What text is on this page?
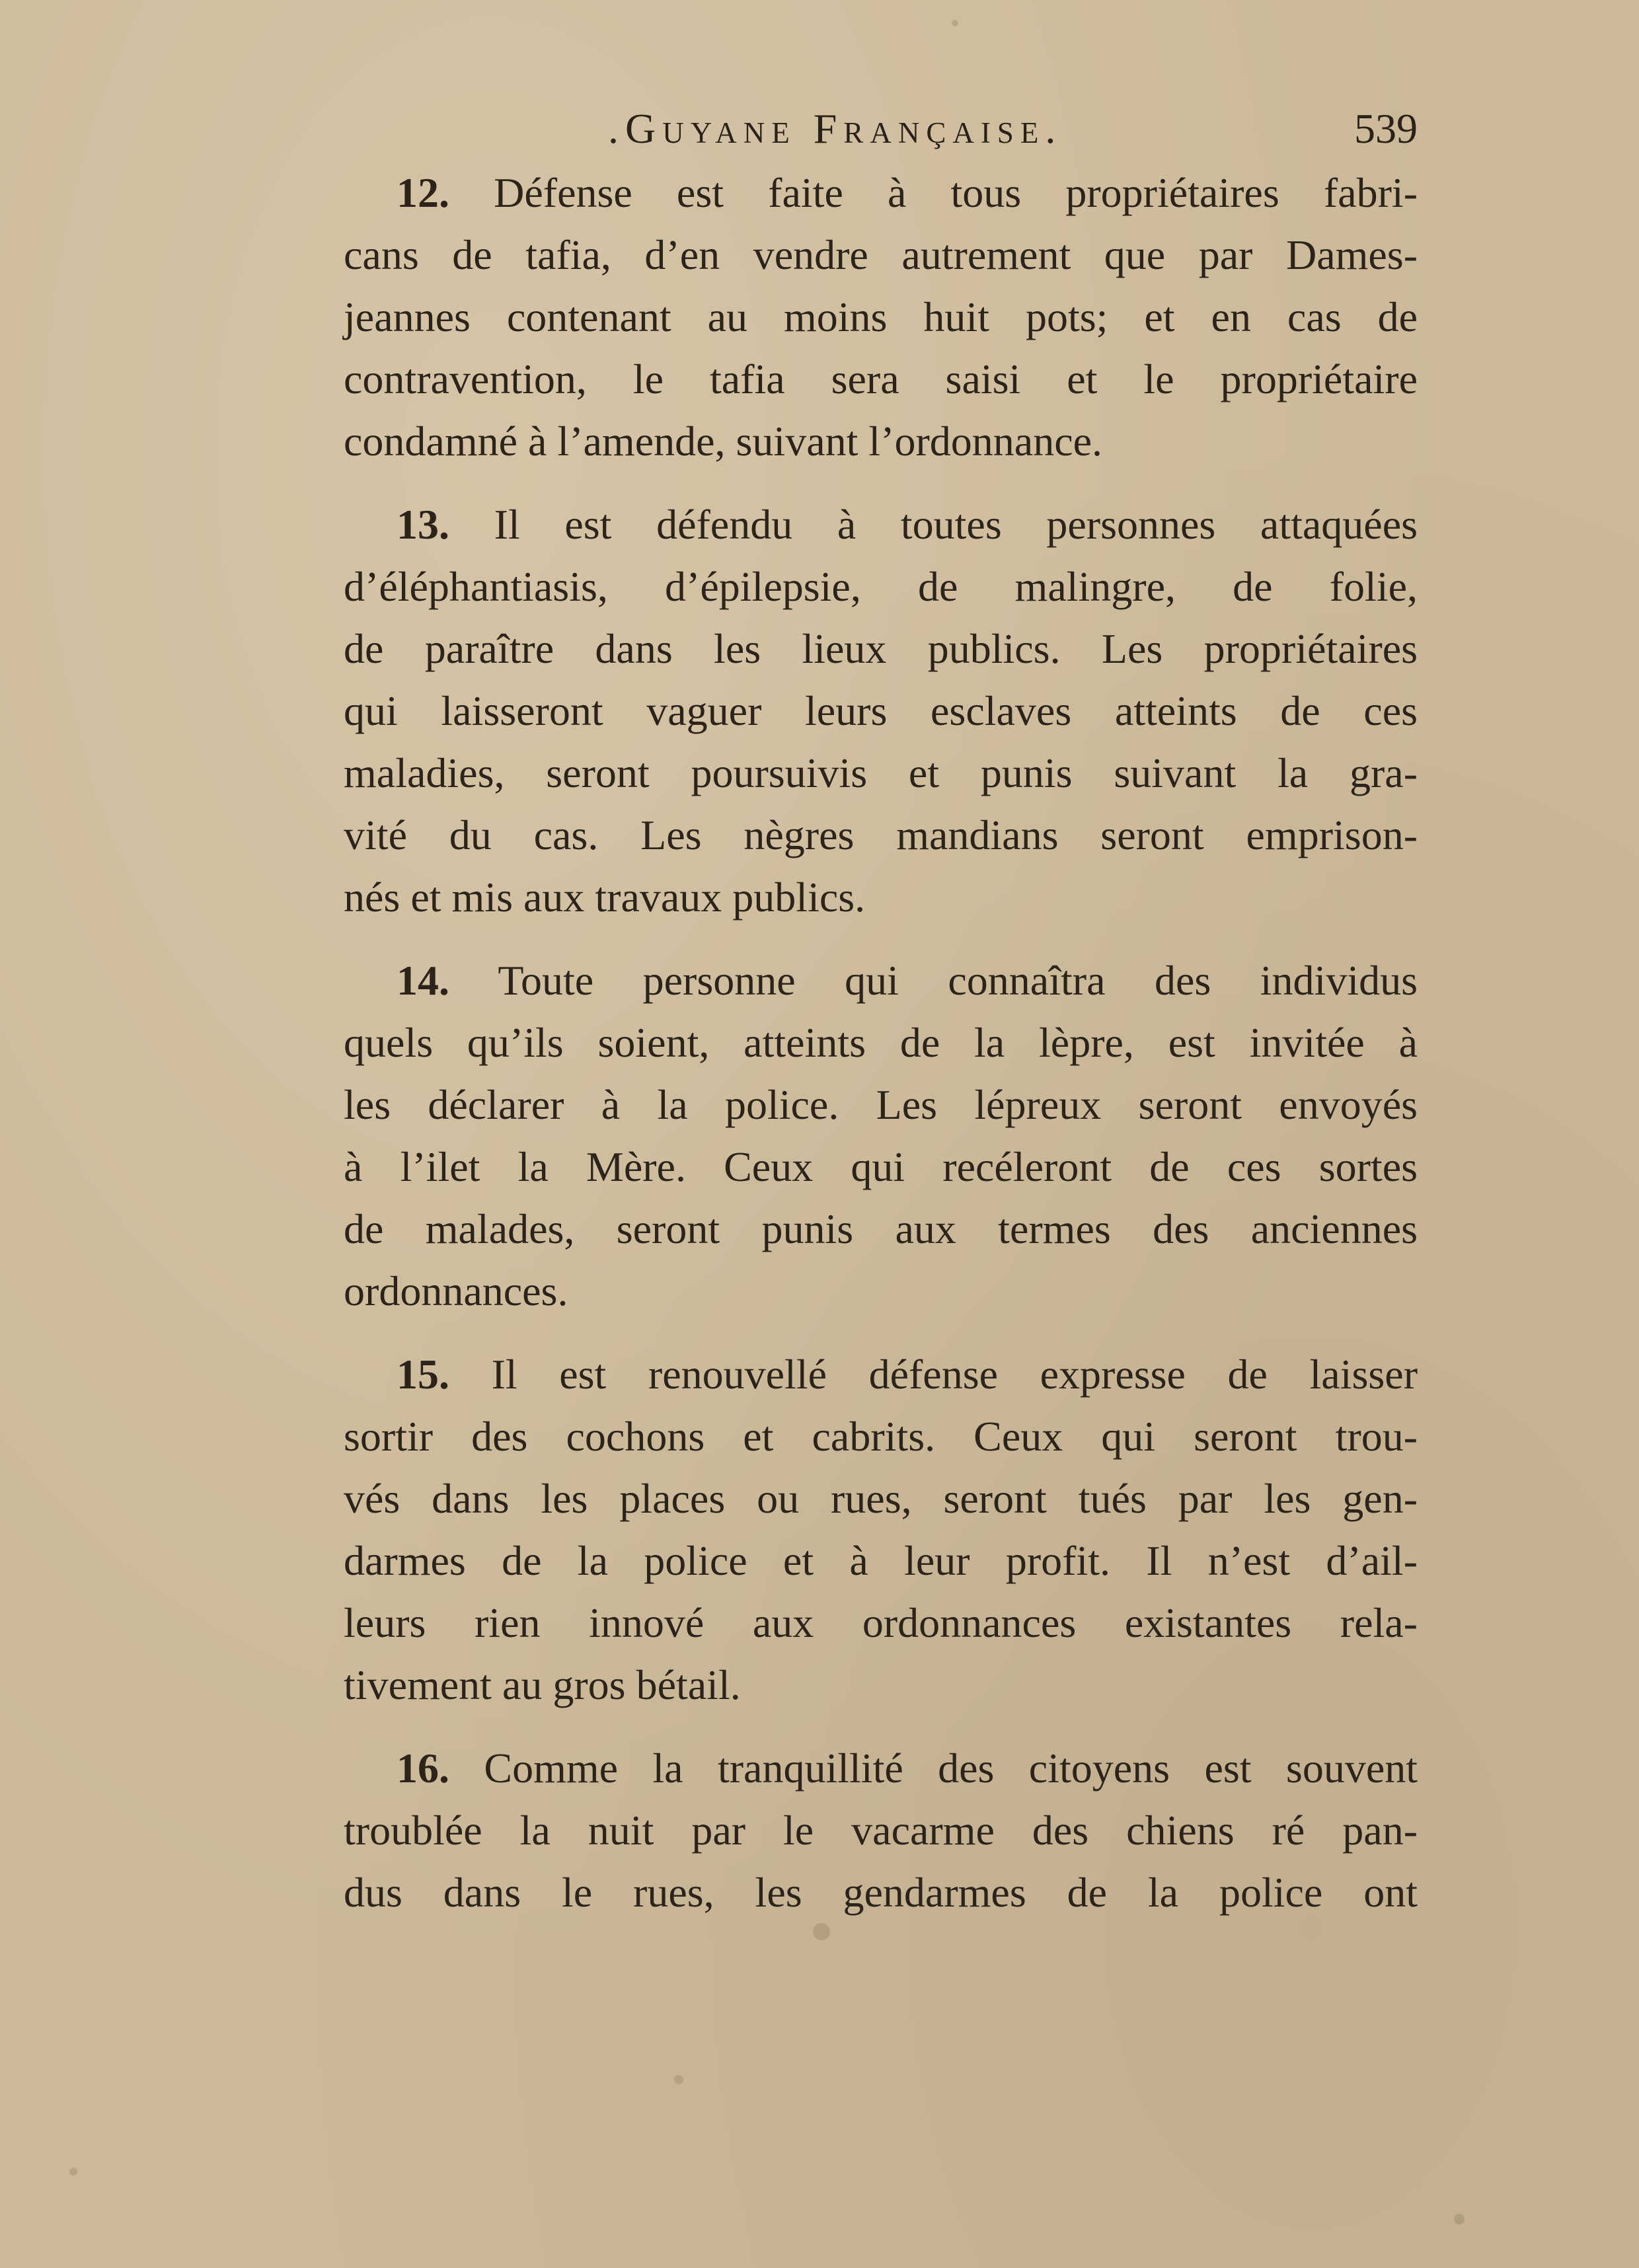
.Guyane Française.	539
12. Défense est faite à tous propriétaires fabri-
cans de tafia, d’en vendre autrement que par Dames-
jeannes contenant au moins huit pots; et en cas de
contravention, le tafia sera saisi et le propriétaire
condamné à l’amende, suivant l’ordonnance.
13. Il est défendu à toutes personnes attaquées
d’éléphantiasis, d’épilepsie, de malingre, de folie,
de paraître dans les lieux publics. Les propriétaires
qui laisseront vaguer leurs esclaves atteints de ces
maladies, seront poursuivis et punis suivant la gra-
vité du cas. Les nègres mandians seront emprison-
nés et mis aux travaux publics.
14. Toute personne qui connaîtra des individus
quels qu’ils soient, atteints de la lèpre, est invitée à
les déclarer à la police. Les lépreux seront envoyés
à l’ilet la Mère. Ceux qui recéleront de ces sortes
de malades, seront punis aux termes des anciennes
ordonnances.
15. Il est renouvellé défense expresse de laisser
sortir des cochons et cabrits. Ceux qui seront trou-
vés dans les places ou rues, seront tués par les gen-
darmes de la police et à leur profit. Il n’est d’ail-
leurs rien innové aux ordonnances existantes rela-
tivement au gros bétail.
16. Comme la tranquillité des citoyens est souvent
troublée la nuit par le vacarme des chiens ré pan-
dus dans le rues, les gendarmes de la police ont
